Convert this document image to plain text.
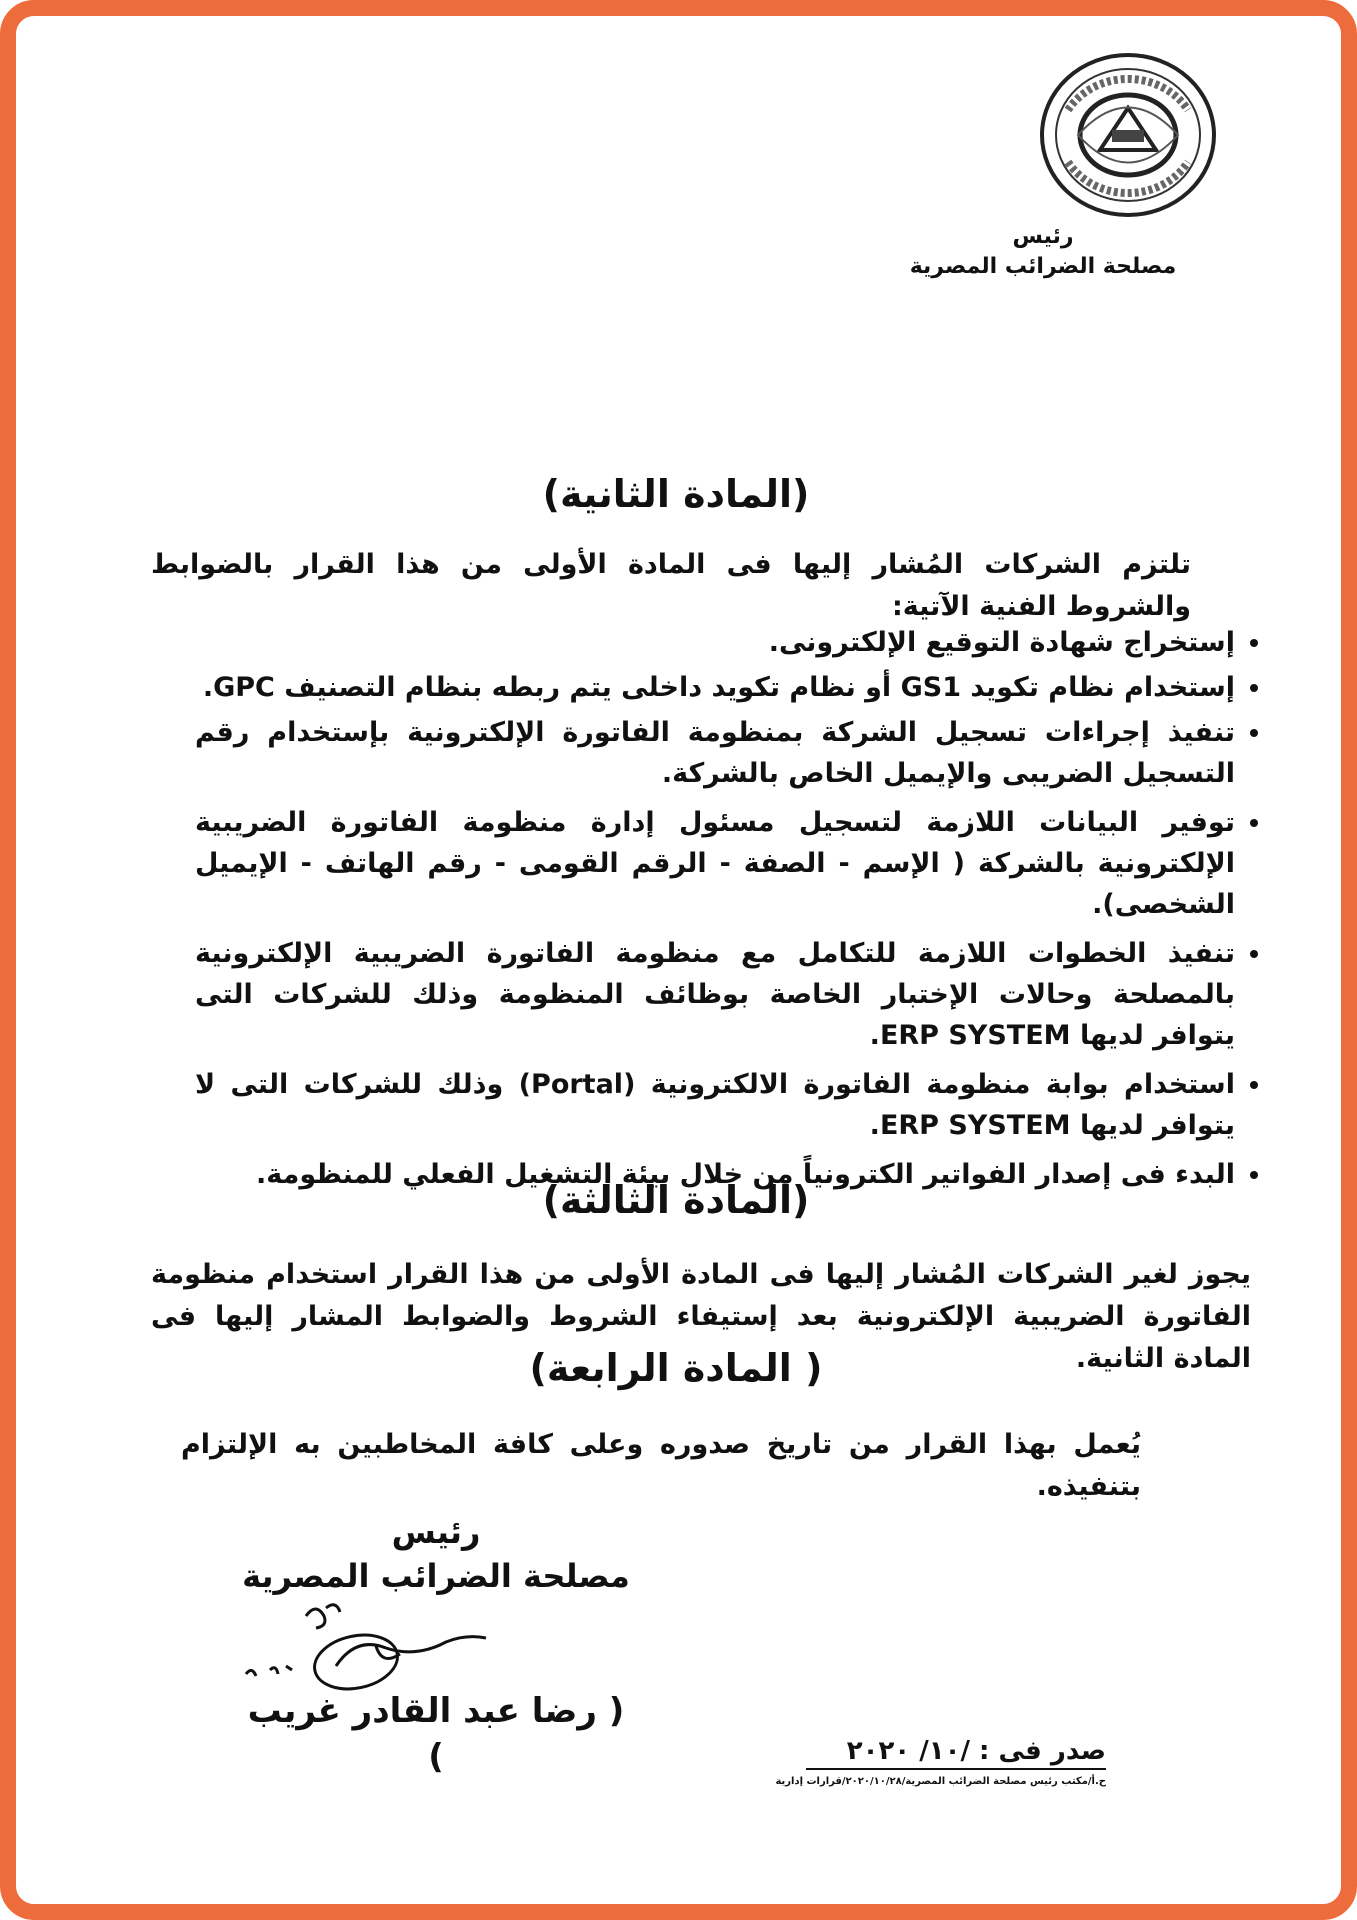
رئيس
مصلحة الضرائب المصرية
(المادة الثانية)
تلتزم الشركات المُشار إليها فى المادة الأولى من هذا القرار بالضوابط والشروط الفنية الآتية:
• إستخراج شهادة التوقيع الإلكترونى.
• إستخدام نظام تكويد GS1 أو نظام تكويد داخلى يتم ربطه بنظام التصنيف GPC.
• تنفيذ إجراءات تسجيل الشركة بمنظومة الفاتورة الإلكترونية بإستخدام رقم التسجيل الضريبى والإيميل الخاص بالشركة.
• توفير البيانات اللازمة لتسجيل مسئول إدارة منظومة الفاتورة الضريبية الإلكترونية بالشركة ( الإسم - الصفة - الرقم القومى - رقم الهاتف - الإيميل الشخصى).
• تنفيذ الخطوات اللازمة للتكامل مع منظومة الفاتورة الضريبية الإلكترونية بالمصلحة وحالات الإختبار الخاصة بوظائف المنظومة وذلك للشركات التى يتوافر لديها ERP SYSTEM.
• استخدام بوابة منظومة الفاتورة الالكترونية (Portal) وذلك للشركات التى لا يتوافر لديها ERP SYSTEM.
• البدء فى إصدار الفواتير الكترونياً من خلال بيئة التشغيل الفعلي للمنظومة.
(المادة الثالثة)
يجوز لغير الشركات المُشار إليها فى المادة الأولى من هذا القرار استخدام منظومة الفاتورة الضريبية الإلكترونية بعد إستيفاء الشروط والضوابط المشار إليها فى المادة الثانية.
( المادة الرابعة)
يُعمل بهذا القرار من تاريخ صدوره وعلى كافة المخاطبين به الإلتزام بتنفيذه.
رئيس
مصلحة الضرائب المصرية
( رضا عبد القادر غريب )	صدر فى : /١٠/ ٢٠٢٠
ح.أ/مكتب رئيس مصلحة الضرائب المصرية/٢٠٢٠/١٠/٢٨/قرارات إدارية
